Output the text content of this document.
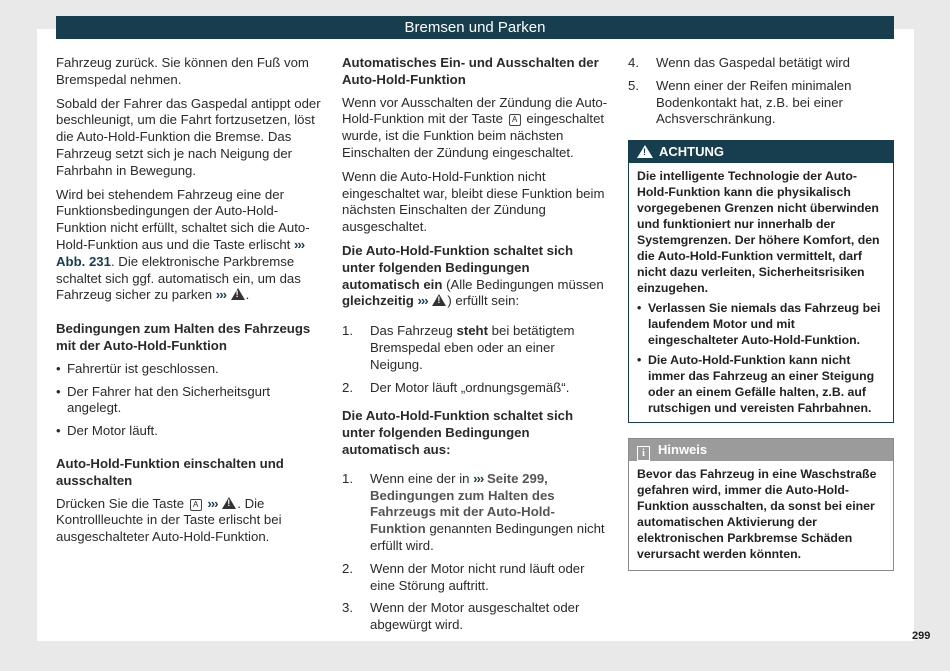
Bremsen und Parken

Fahrzeug zurück. Sie können den Fuß vom Bremspedal nehmen.

Sobald der Fahrer das Gaspedal antippt oder beschleunigt, um die Fahrt fortzusetzen, löst die Auto-Hold-Funktion die Bremse. Das Fahrzeug setzt sich je nach Neigung der Fahrbahn in Bewegung.

Wird bei stehendem Fahrzeug eine der Funktionsbedingungen der Auto-Hold-Funktion nicht erfüllt, schaltet sich die Auto-Hold-Funktion aus und die Taste erlischt ››› Abb. 231. Die elektronische Parkbremse schaltet sich ggf. automatisch ein, um das Fahrzeug sicher zu parken ››› ! .

Bedingungen zum Halten des Fahrzeugs mit der Auto-Hold-Funktion

• Fahrertür ist geschlossen.
• Der Fahrer hat den Sicherheitsgurt angelegt.
• Der Motor läuft.

Auto-Hold-Funktion einschalten und ausschalten

Drücken Sie die Taste A ››› ! . Die Kontrollleuchte in der Taste erlischt bei ausgeschalteter Auto-Hold-Funktion.

Automatisches Ein- und Ausschalten der Auto-Hold-Funktion

Wenn vor Ausschalten der Zündung die Auto-Hold-Funktion mit der Taste A eingeschaltet wurde, ist die Funktion beim nächsten Einschalten der Zündung eingeschaltet.

Wenn die Auto-Hold-Funktion nicht eingeschaltet war, bleibt diese Funktion beim nächsten Einschalten der Zündung ausgeschaltet.

Die Auto-Hold-Funktion schaltet sich unter folgenden Bedingungen automatisch ein (Alle Bedingungen müssen gleichzeitig ››› ! ) erfüllt sein:

1.	Das Fahrzeug steht bei betätigtem Bremspedal eben oder an einer Neigung.
2.	Der Motor läuft „ordnungsgemäß“.

Die Auto-Hold-Funktion schaltet sich unter folgenden Bedingungen automatisch aus:

1.	Wenn eine der in ››› Seite 299, Bedingungen zum Halten des Fahrzeugs mit der Auto-Hold-Funktion genannten Bedingungen nicht erfüllt wird.
2.	Wenn der Motor nicht rund läuft oder eine Störung auftritt.
3.	Wenn der Motor ausgeschaltet oder abgewürgt wird.
4.	Wenn das Gaspedal betätigt wird
5.	Wenn einer der Reifen minimalen Bodenkontakt hat, z.B. bei einer Achsverschränkung.
!ACHTUNG

Die intelligente Technologie der Auto-Hold-Funktion kann die physikalisch vorgegebenen Grenzen nicht überwinden und funktioniert nur innerhalb der Systemgrenzen. Der höhere Komfort, den die Auto-Hold-Funktion vermittelt, darf nicht dazu verleiten, Sicherheitsrisiken einzugehen.

• Verlassen Sie niemals das Fahrzeug bei laufendem Motor und mit eingeschalteter Auto-Hold-Funktion.
• Die Auto-Hold-Funktion kann nicht immer das Fahrzeug an einer Steigung oder an einem Gefälle halten, z.B. auf rutschigen und vereisten Fahrbahnen.
i Hinweis

Bevor das Fahrzeug in eine Waschstraße gefahren wird, immer die Auto-Hold-Funktion ausschalten, da sonst bei einer automatischen Aktivierung der elektronischen Parkbremse Schäden verursacht werden könnten.

299
